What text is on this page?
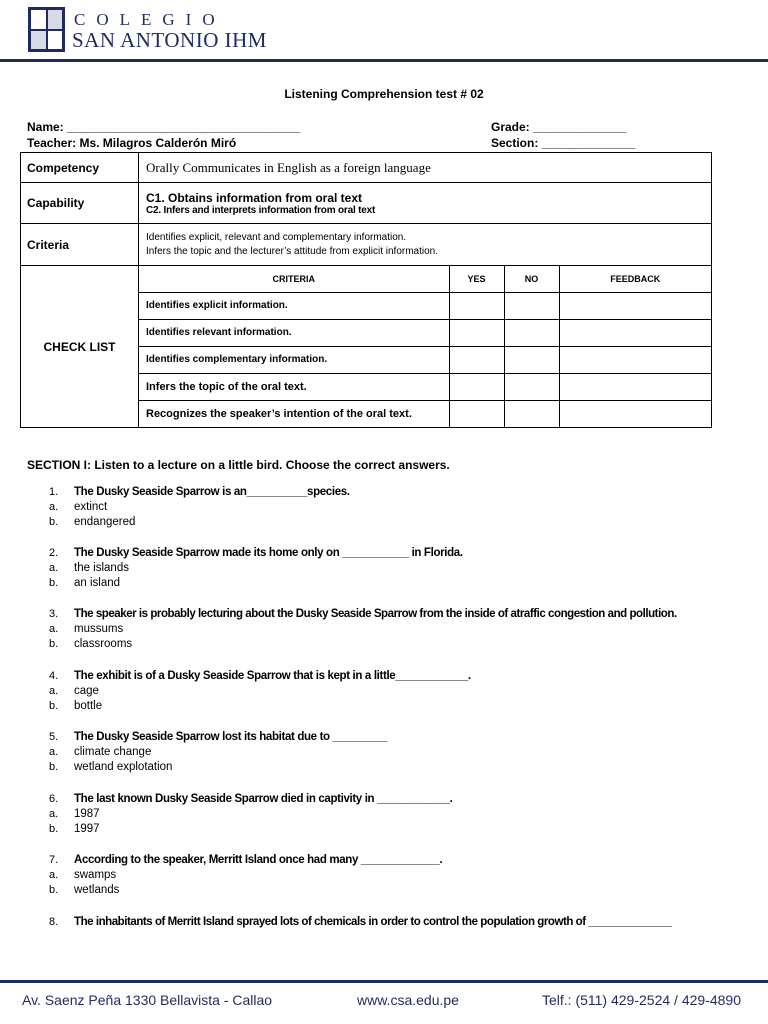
COLEGIO
SAN ANTONIO IHM
Listening Comprehension test # 02
Name: ___________________________________	Grade: ______________
Teacher: Ms. Milagros Calderón Miró	Section: ______________
Competency	Orally Communicates in English as a foreign language
Capability	C1. Obtains information from oral text
C2. Infers and interprets information from oral text

Criteria	
Identifies explicit, relevant and complementary information.
Infers the topic and the lecturer’s attitude from explicit information.

CHECK LIST	
CRITERIA	YES	NO	FEEDBACK
Identifies explicit information.			
Identifies relevant information.			
Identifies complementary information.			
Infers the topic of the oral text.			
Recognizes the speaker’s intention of the oral text.			
SECTION I: Listen to a lecture on a little bird. Choose the correct answers.
1. The Dusky Seaside Sparrow is an__________species.
a. extinct
b. endangered
2. The Dusky Seaside Sparrow made its home only on ___________ in Florida.
a. the islands
b. an island
3. The speaker is probably lecturing about the Dusky Seaside Sparrow from the inside of atraffic congestion and pollution.
a. mussums
b. classrooms
4. The exhibit is of a Dusky Seaside Sparrow that is kept in a little____________.
a. cage
b. bottle
5. The Dusky Seaside Sparrow lost its habitat due to _________
a. climate change
b. wetland explotation
6. The last known Dusky Seaside Sparrow died in captivity in ____________.
a. 1987
b. 1997
7. According to the speaker, Merritt Island once had many _____________.
a. swamps
b. wetlands
8. The inhabitants of Merritt Island sprayed lots of chemicals in order to control the population growth of ______________
Av. Saenz Peña 1330 Bellavista - Callao	www.csa.edu.pe	Telf.: (511) 429-2524 / 429-4890
